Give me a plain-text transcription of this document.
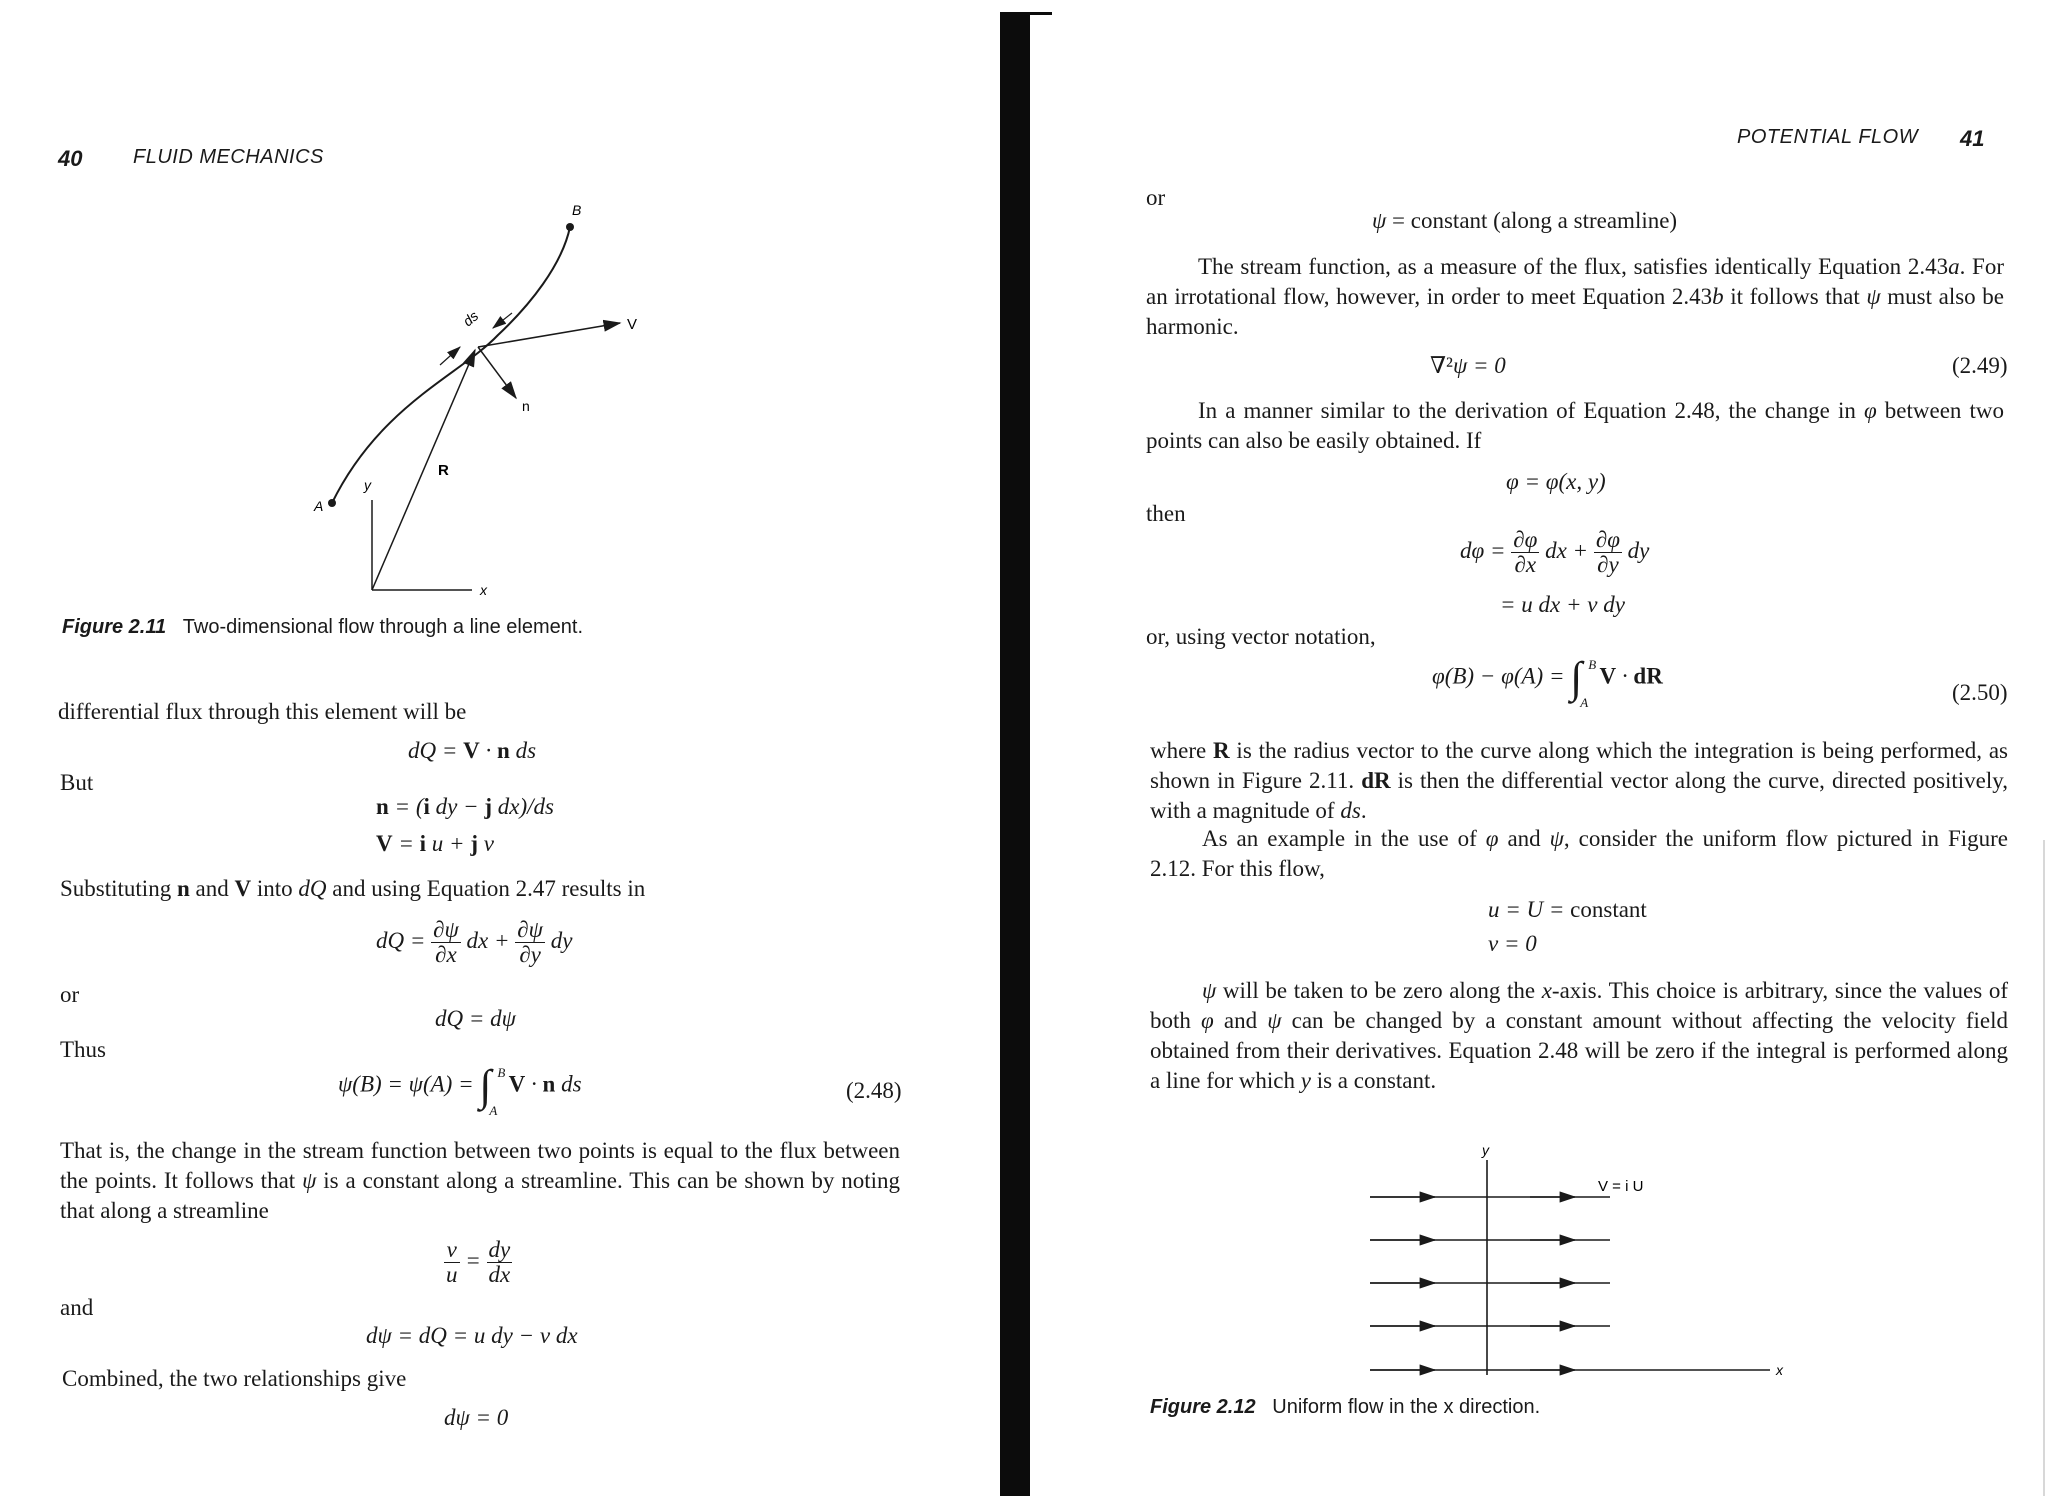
40	FLUID MECHANICS
B
A
ds	V
n
R
y
x
Figure 2.11 Two-dimensional flow through a line element.
differential flux through this element will be
dQ = V · n ds
But
n = (i dy − j dx)/ds
V = i u + j v
Substituting n and V into dQ and using Equation 2.47 results in
dQ = $\frac{\partial\psi}{\partial x}$ dx + $\frac{\partial\psi}{\partial y}$ dy
or
dQ = dψ
Thus
ψ(B) = ψ(A) = ∫ B
A
V · n ds	(2.48)
That is, the change in the stream function between two points is equal to the flux between the points. It follows that ψ is a constant along a streamline. This can be shown by noting that along a streamline
$\frac{v}{u} = \frac{dy}{dx}$
and
dψ = dQ = u dy − v dx
Combined, the two relationships give
dψ = 0
POTENTIAL FLOW 41
or
ψ = constant (along a streamline)
The stream function, as a measure of the flux, satisfies identically Equation 2.43a. For an irrotational flow, however, in order to meet Equation 2.43b it follows that ψ must also be harmonic.
∇²ψ = 0	(2.49)
In a manner similar to the derivation of Equation 2.48, the change in φ between two points can also be easily obtained. If
φ = φ(x, y)
then
$d\varphi = \frac{\partial\varphi}{\partial x}$ dx + $\frac{\partial\varphi}{\partial y}$ dy
= u dx + v dy
or, using vector notation,
φ(B) − φ(A) = ∫ B
A
V · dR
(2.50)
where R is the radius vector to the curve along which the integration is being performed, as shown in Figure 2.11. dR is then the differential vector along the curve, directed positively, with a magnitude of ds.
As an example in the use of φ and ψ, consider the uniform flow pictured in Figure 2.12. For this flow,
u = U = constant
v = 0
ψ will be taken to be zero along the x-axis. This choice is arbitrary, since the values of both φ and ψ can be changed by a constant amount without affecting the velocity field obtained from their derivatives. Equation 2.48 will be zero if the integral is performed along a line for which y is a constant.
y
x
V = i U
Figure 2.12 Uniform flow in the x direction.
